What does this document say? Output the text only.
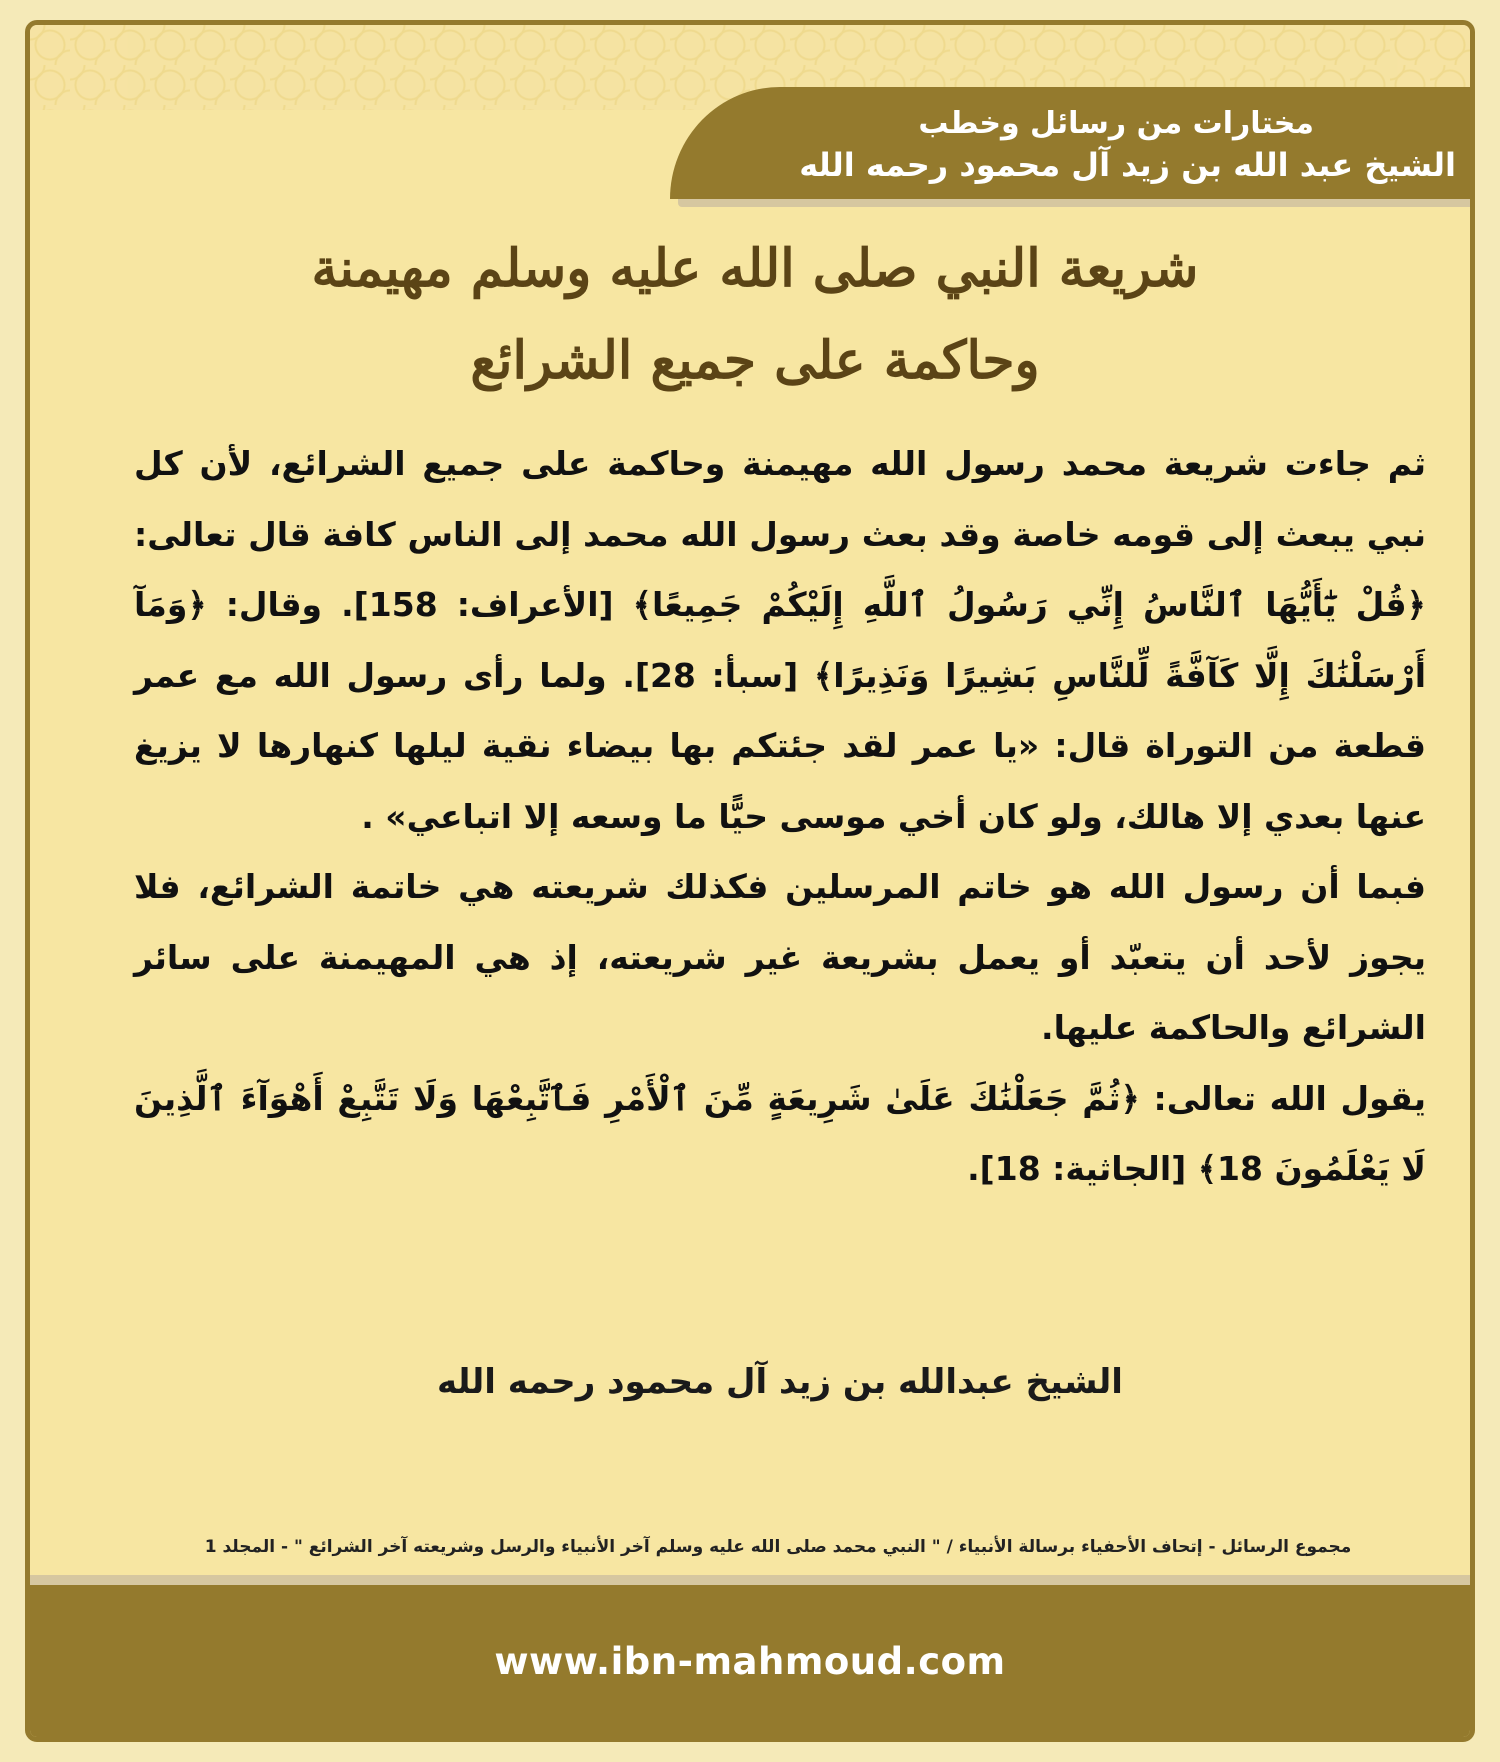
مختارات من رسائل وخطب
الشيخ عبد الله بن زيد آل محمود رحمه الله
شريعة النبي صلى الله عليه وسلم مهيمنة
وحاكمة على جميع الشرائع

ثم جاءت شريعة محمد رسول الله مهيمنة وحاكمة على جميع الشرائع، لأن كل نبي يبعث إلى قومه خاصة وقد بعث رسول الله محمد إلى الناس كافة قال تعالى: ﴿قُلْ يَٰٓأَيُّهَا ٱلنَّاسُ إِنِّي رَسُولُ ٱللَّهِ إِلَيْكُمْ جَمِيعًا﴾ [الأعراف: 158]. وقال: ﴿وَمَآ أَرْسَلْنَٰكَ إِلَّا كَآفَّةً لِّلنَّاسِ بَشِيرًا وَنَذِيرًا﴾ [سبأ: 28]. ولما رأى رسول الله مع عمر قطعة من التوراة قال: «يا عمر لقد جئتكم بها بيضاء نقية ليلها كنهارها لا يزيغ عنها بعدي إلا هالك، ولو كان أخي موسى حيًّا ما وسعه إلا اتباعي» .

فبما أن رسول الله هو خاتم المرسلين فكذلك شريعته هي خاتمة الشرائع، فلا يجوز لأحد أن يتعبّد أو يعمل بشريعة غير شريعته، إذ هي المهيمنة على سائر الشرائع والحاكمة عليها.

يقول الله تعالى: ﴿ثُمَّ جَعَلْنَٰكَ عَلَىٰ شَرِيعَةٍ مِّنَ ٱلْأَمْرِ فَٱتَّبِعْهَا وَلَا تَتَّبِعْ أَهْوَآءَ ٱلَّذِينَ لَا يَعْلَمُونَ 18﴾ [الجاثية: 18].

الشيخ عبدالله بن زيد آل محمود رحمه الله
مجموع الرسائل - إتحاف الأحفياء برسالة الأنبياء / " النبي محمد صلى الله عليه وسلم آخر الأنبياء والرسل وشريعته آخر الشرائع " - المجلد 1
www.ibn-mahmoud.com
